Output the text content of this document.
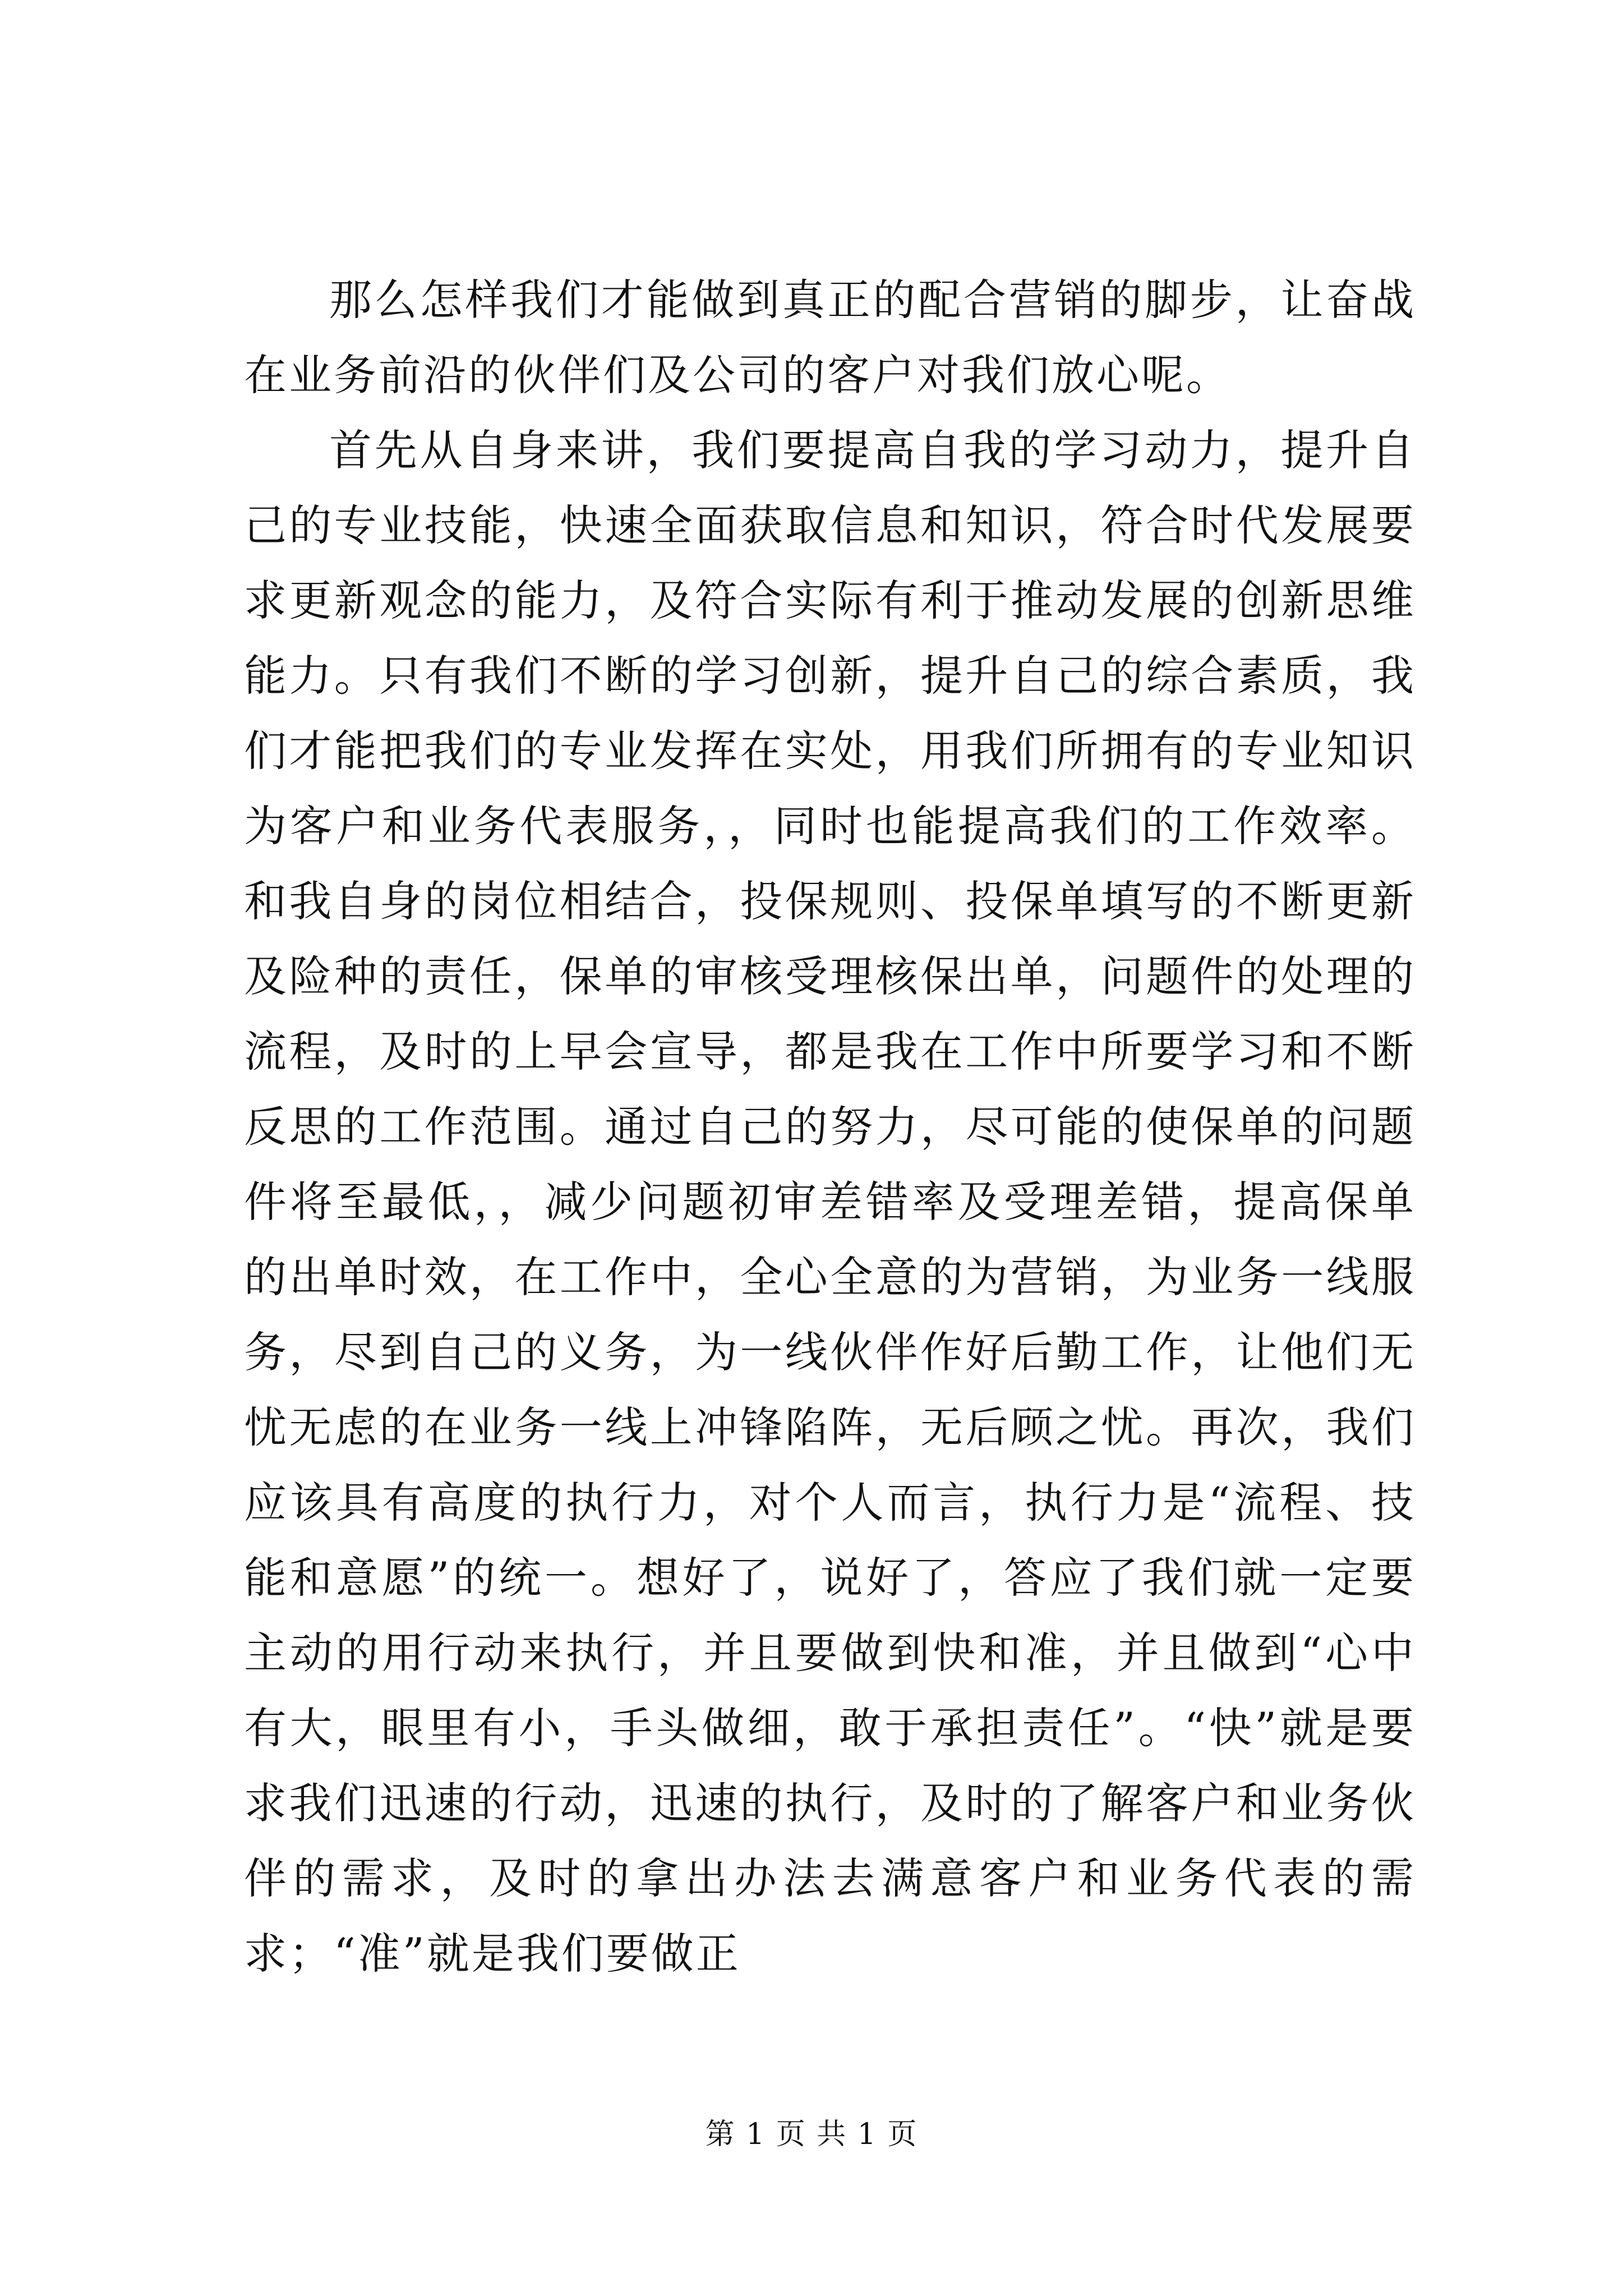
那么怎样我们才能做到真正的配合营销的脚步，让奋战在业务前沿的伙伴们及公司的客户对我们放心呢。

首先从自身来讲，我们要提高自我的学习动力，提升自己的专业技能，快速全面获取信息和知识，符合时代发展要求更新观念的能力，及符合实际有利于推动发展的创新思维能力。只有我们不断的学习创新，提升自己的综合素质，我们才能把我们的专业发挥在实处，用我们所拥有的专业知识为客户和业务代表服务，，同时也能提高我们的工作效率。和我自身的岗位相结合，投保规则、投保单填写的不断更新及险种的责任，保单的审核受理核保出单，问题件的处理的流程，及时的上早会宣导，都是我在工作中所要学习和不断反思的工作范围。通过自己的努力，尽可能的使保单的问题件将至最低，，减少问题初审差错率及受理差错，提高保单的出单时效，在工作中，全心全意的为营销，为业务一线服务，尽到自己的义务，为一线伙伴作好后勤工作，让他们无忧无虑的在业务一线上冲锋陷阵，无后顾之忧。再次，我们应该具有高度的执行力，对个人而言，执行力是“流程、技能和意愿”的统一。想好了，说好了，答应了我们就一定要主动的用行动来执行，并且要做到快和准，并且做到“心中有大，眼里有小，手头做细，敢于承担责任”。“快”就是要求我们迅速的行动，迅速的执行，及时的了解客户和业务伙伴的需求，及时的拿出办法去满意客户和业务代表的需求；“准”就是我们要做正

第 1 页 共 1 页
